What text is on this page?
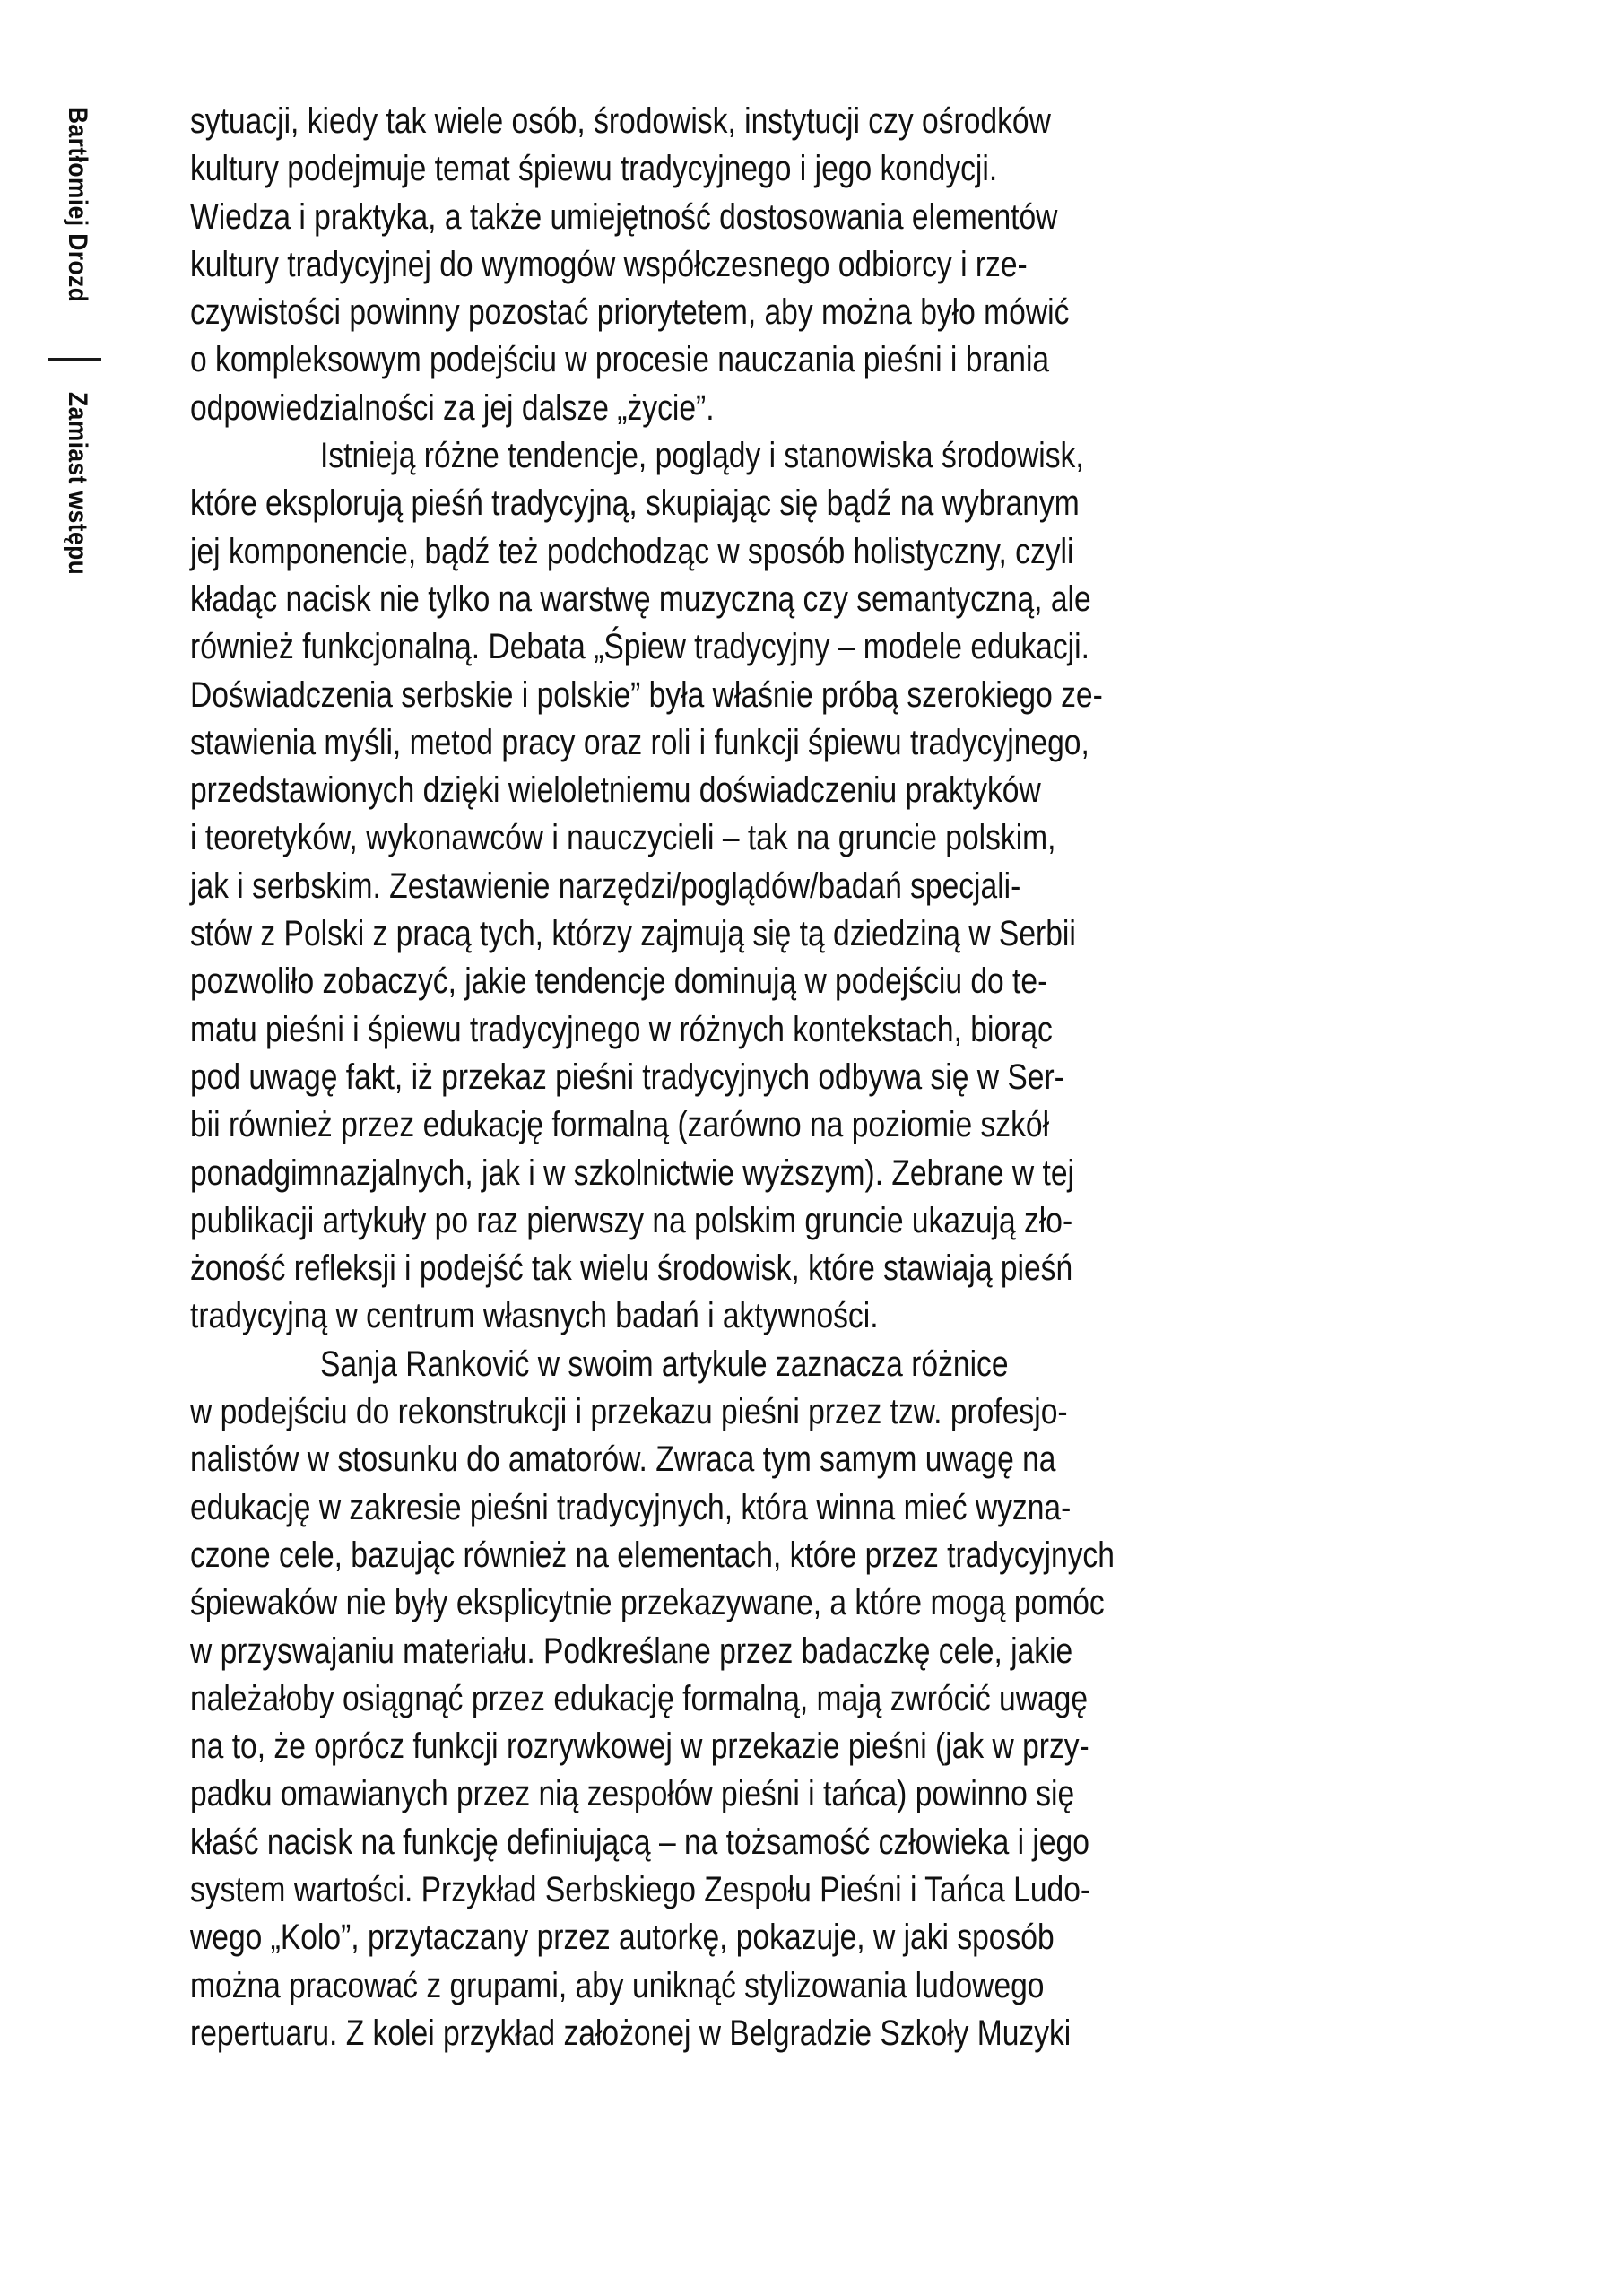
Bartłomiej Drozd
Zamiast wstępu
sytuacji, kiedy tak wiele osób, środowisk, instytucji czy ośrodków
kultury podejmuje temat śpiewu tradycyjnego i jego kondycji.
Wiedza i praktyka, a także umiejętność dostosowania elementów
kultury tradycyjnej do wymogów współczesnego odbiorcy i rze-
czywistości powinny pozostać priorytetem, aby można było mówić
o kompleksowym podejściu w procesie nauczania pieśni i brania
odpowiedzialności za jej dalsze „życie”.
Istnieją różne tendencje, poglądy i stanowiska środowisk,
które eksplorują pieśń tradycyjną, skupiając się bądź na wybranym
jej komponencie, bądź też podchodząc w sposób holistyczny, czyli
kładąc nacisk nie tylko na warstwę muzyczną czy semantyczną, ale
również funkcjonalną. Debata „Śpiew tradycyjny – modele edukacji.
Doświadczenia serbskie i polskie” była właśnie próbą szerokiego ze-
stawienia myśli, metod pracy oraz roli i funkcji śpiewu tradycyjnego,
przedstawionych dzięki wieloletniemu doświadczeniu praktyków
i teoretyków, wykonawców i nauczycieli – tak na gruncie polskim,
jak i serbskim. Zestawienie narzędzi/poglądów/badań specjali-
stów z Polski z pracą tych, którzy zajmują się tą dziedziną w Serbii
pozwoliło zobaczyć, jakie tendencje dominują w podejściu do te-
matu pieśni i śpiewu tradycyjnego w różnych kontekstach, biorąc
pod uwagę fakt, iż przekaz pieśni tradycyjnych odbywa się w Ser-
bii również przez edukację formalną (zarówno na poziomie szkół
ponadgimnazjalnych, jak i w szkolnictwie wyższym). Zebrane w tej
publikacji artykuły po raz pierwszy na polskim gruncie ukazują zło-
żoność refleksji i podejść tak wielu środowisk, które stawiają pieśń
tradycyjną w centrum własnych badań i aktywności.
Sanja Ranković w swoim artykule zaznacza różnice
w podejściu do rekonstrukcji i przekazu pieśni przez tzw. profesjo-
nalistów w stosunku do amatorów. Zwraca tym samym uwagę na
edukację w zakresie pieśni tradycyjnych, która winna mieć wyzna-
czone cele, bazując również na elementach, które przez tradycyjnych
śpiewaków nie były eksplicytnie przekazywane, a które mogą pomóc
w przyswajaniu materiału. Podkreślane przez badaczkę cele, jakie
należałoby osiągnąć przez edukację formalną, mają zwrócić uwagę
na to, że oprócz funkcji rozrywkowej w przekazie pieśni (jak w przy-
padku omawianych przez nią zespołów pieśni i tańca) powinno się
kłaść nacisk na funkcję definiującą – na tożsamość człowieka i jego
system wartości. Przykład Serbskiego Zespołu Pieśni i Tańca Ludo-
wego „Kolo”, przytaczany przez autorkę, pokazuje, w jaki sposób
można pracować z grupami, aby uniknąć stylizowania ludowego
repertuaru. Z kolei przykład założonej w Belgradzie Szkoły Muzyki
